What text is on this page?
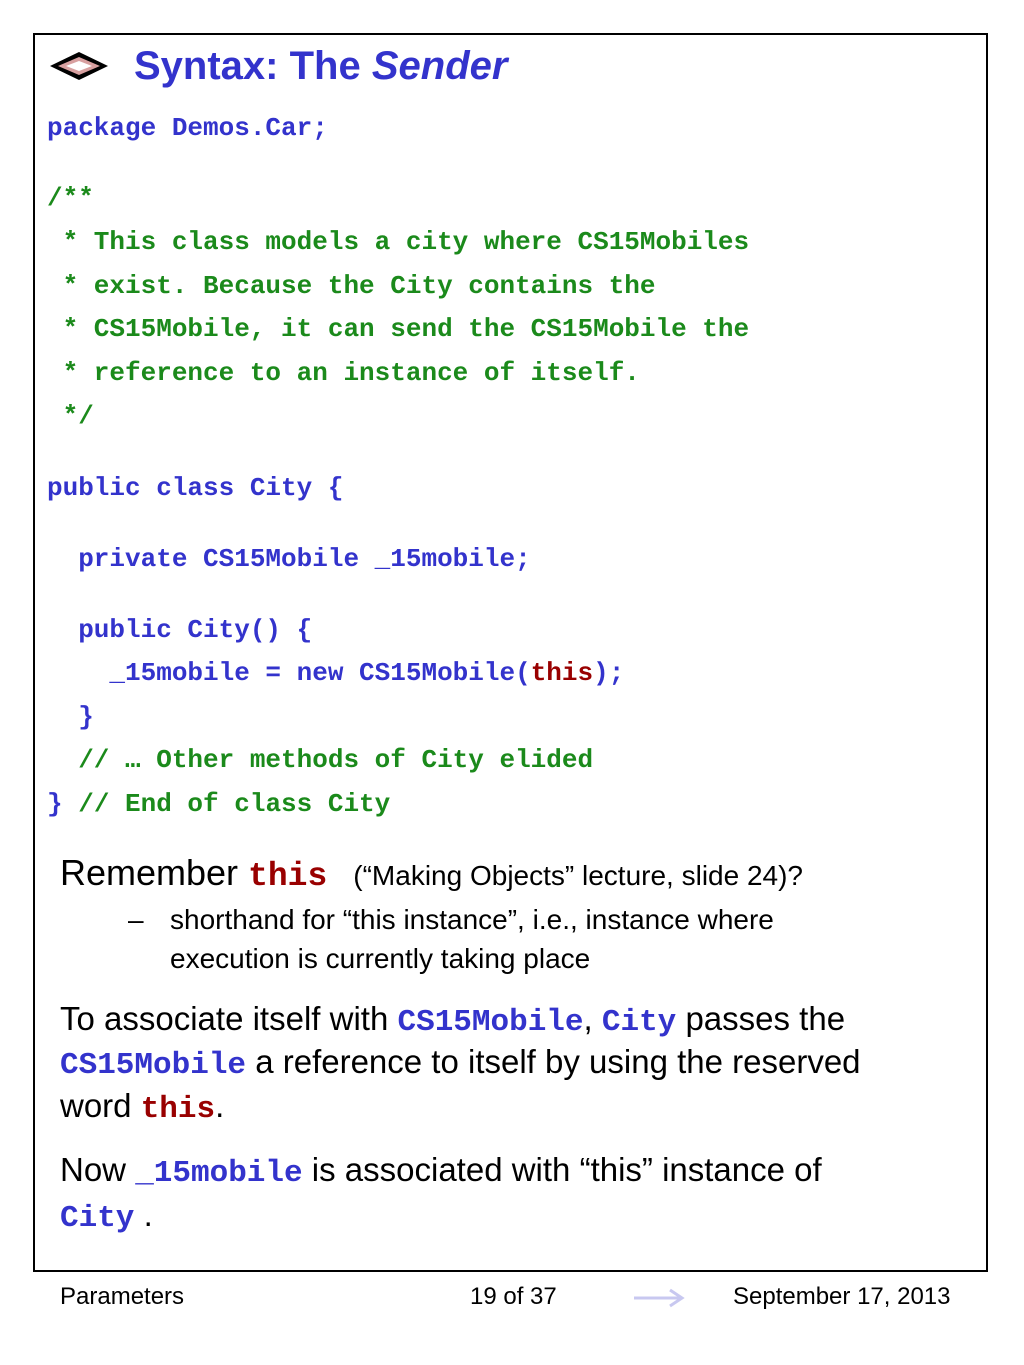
Syntax: The Sender
package Demos.Car;
/**
* This class models a city where CS15Mobiles
* exist. Because the City contains the
* CS15Mobile, it can send the CS15Mobile the
* reference to an instance of itself.
*/
public class City {
private CS15Mobile _15mobile;
public City() {
_15mobile = new CS15Mobile(this);
}
// … Other methods of City elided
} // End of class City
Remember this (“Making Objects” lecture, slide 24)?
– shorthand for “this instance”, i.e., instance where
execution is currently taking place
To associate itself with CS15Mobile, City passes the
CS15Mobile a reference to itself by using the reserved
word this.
Now _15mobile is associated with “this” instance of
City .
Parameters	19 of 37	September 17, 2013
